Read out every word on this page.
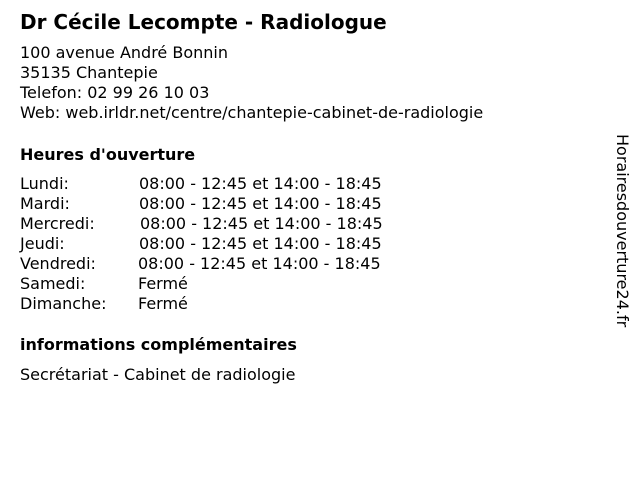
Dr Cécile Lecompte - Radiologue
100 avenue André Bonnin
35135 Chantepie
Telefon: 02 99 26 10 03
Web: web.irldr.net/centre/chantepie-cabinet-de-radiologie
Heures d'ouverture
Lundi:	08:00 - 12:45 et 14:00 - 18:45
Mardi:	08:00 - 12:45 et 14:00 - 18:45
Mercredi:	08:00 - 12:45 et 14:00 - 18:45
Jeudi:	08:00 - 12:45 et 14:00 - 18:45
Vendredi:	08:00 - 12:45 et 14:00 - 18:45
Samedi:	Fermé
Dimanche: Fermé
informations complémentaires
Secrétariat - Cabinet de radiologie
Horairesdouverture24.fr
